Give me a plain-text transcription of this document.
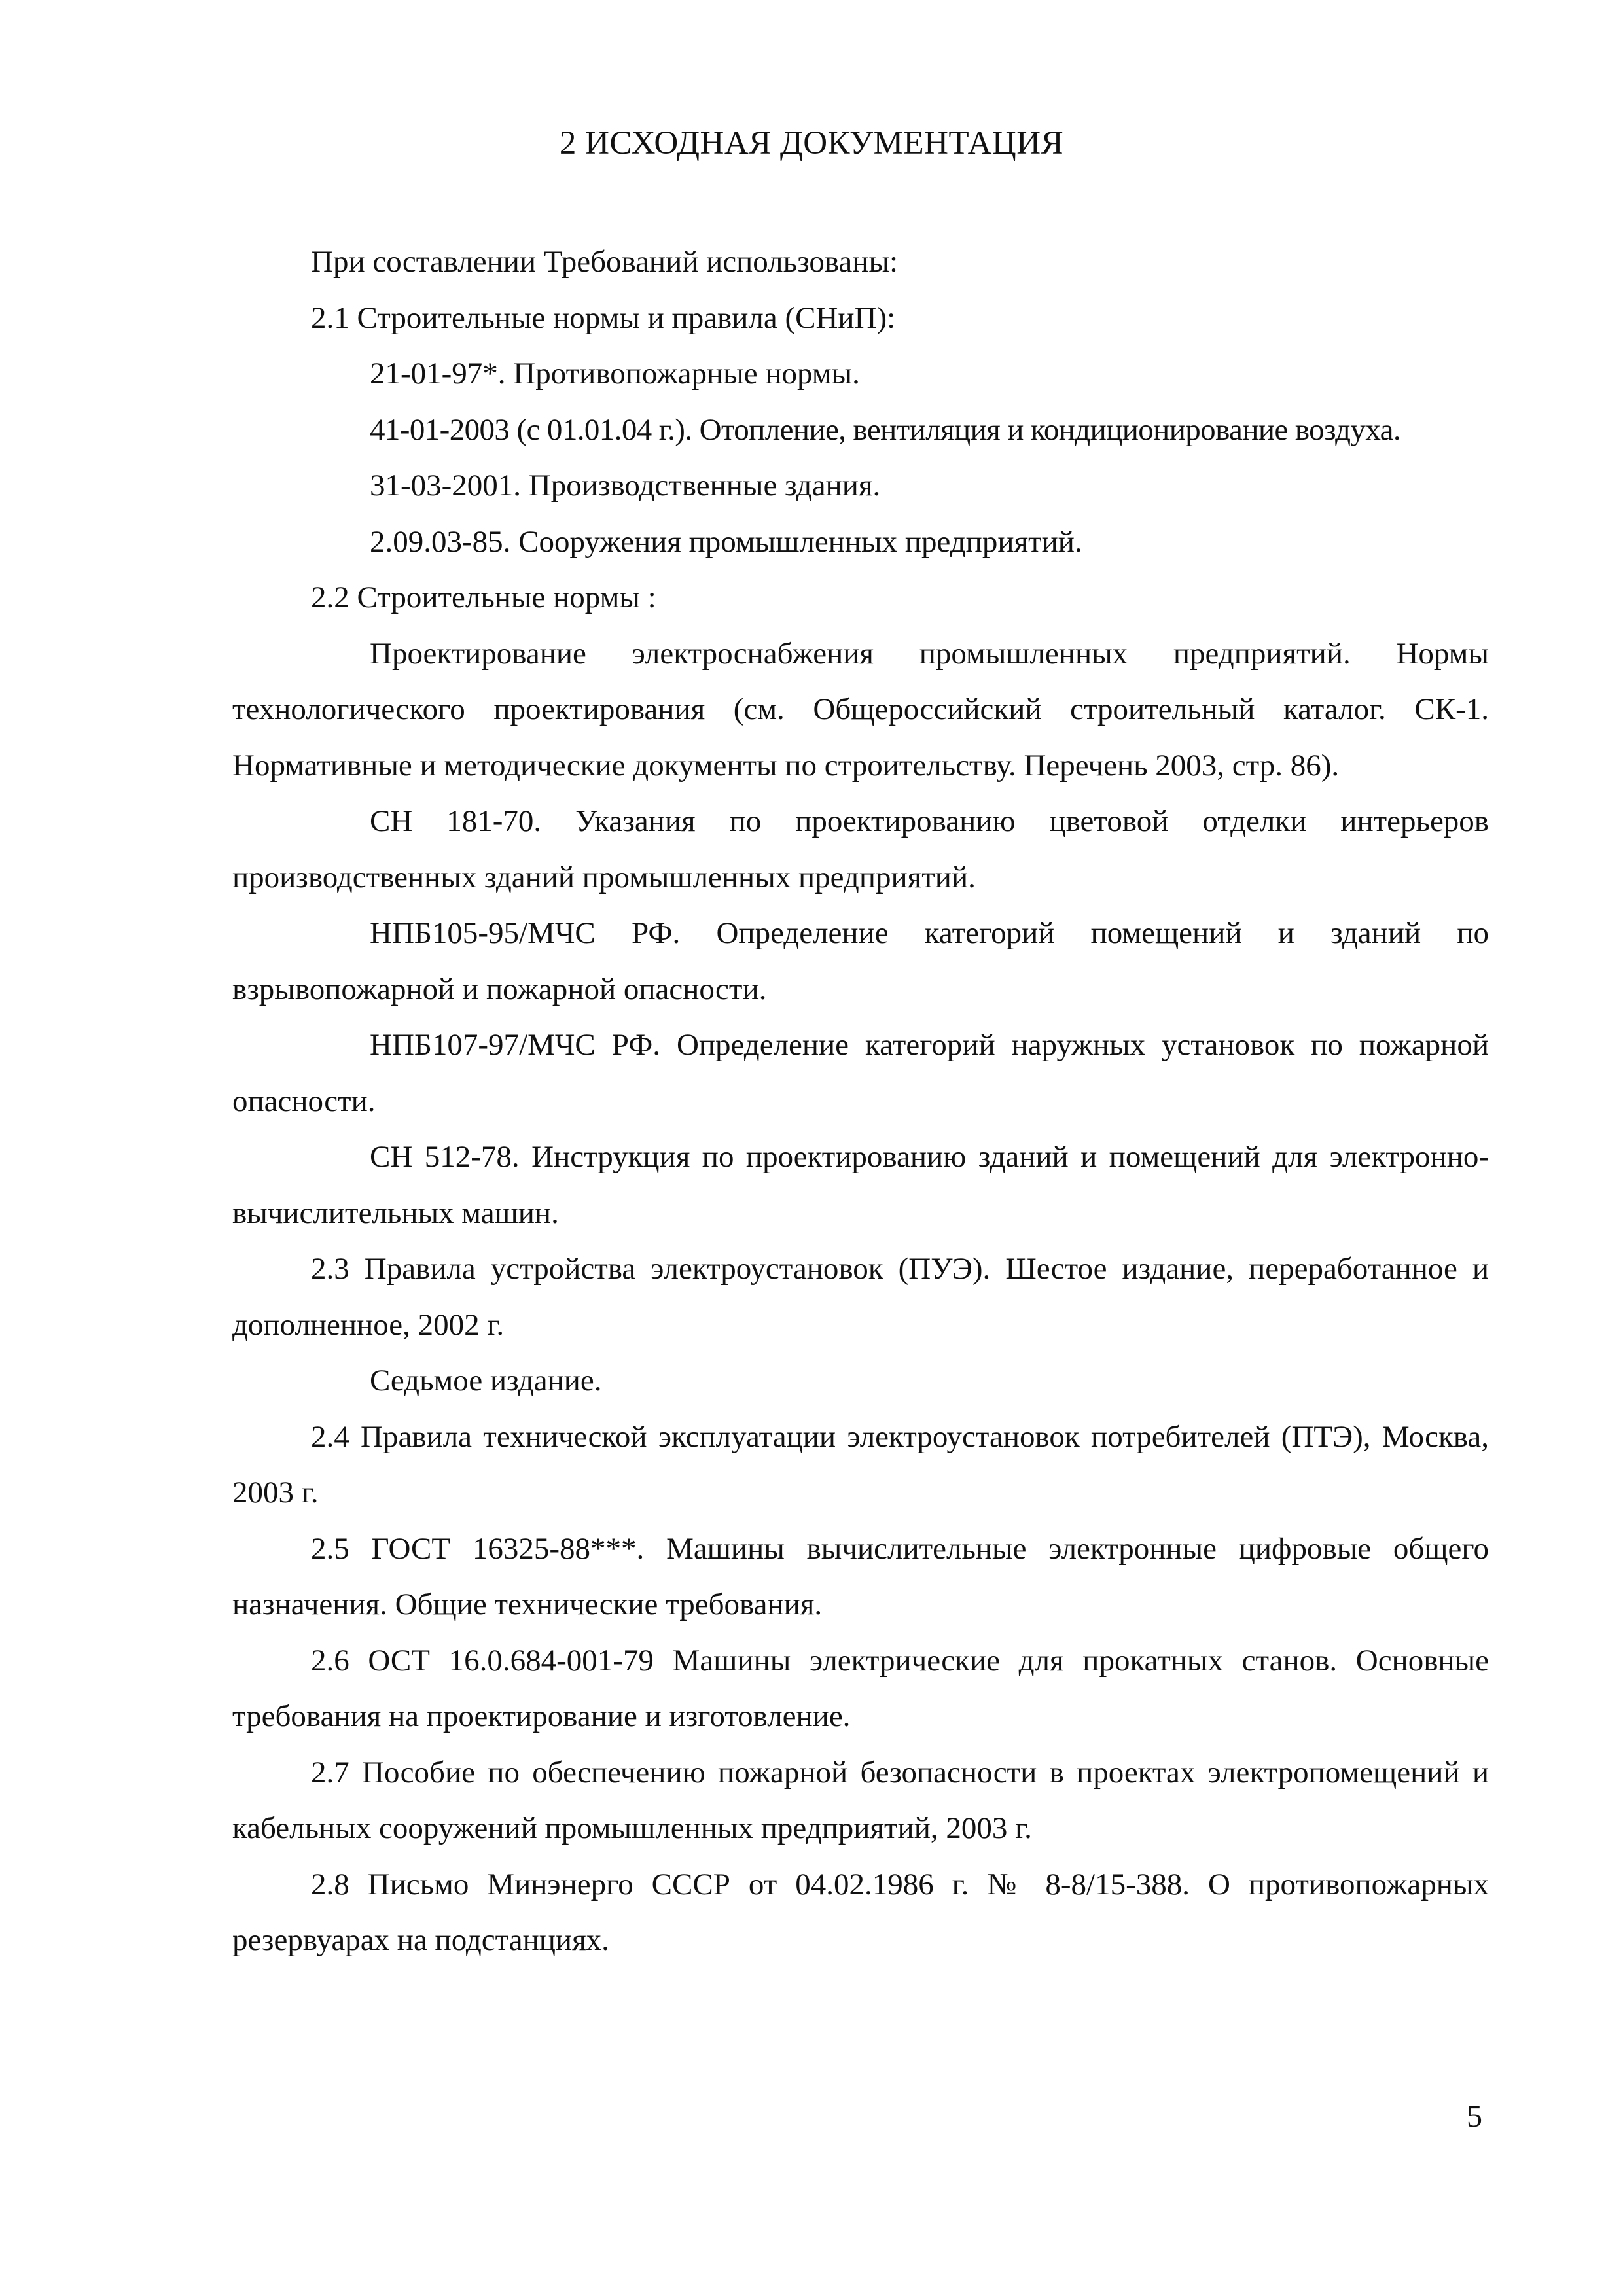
2 ИСХОДНАЯ ДОКУМЕНТАЦИЯ

При составлении Требований использованы:

2.1 Строительные нормы и правила (СНиП):

21-01-97*. Противопожарные нормы.

41-01-2003 (с 01.01.04 г.). Отопление, вентиляция и кондиционирование воздуха.

31-03-2001. Производственные здания.

2.09.03-85. Сооружения промышленных предприятий.

2.2 Строительные нормы :

Проектирование электроснабжения промышленных предприятий. Нормы технологического проектирования (см. Общероссийский строительный каталог. СК-1. Нормативные и методические документы по строительству. Перечень 2003, стр. 86).

СН 181-70. Указания по проектированию цветовой отделки интерьеров производственных зданий промышленных предприятий.

НПБ105-95/МЧС РФ. Определение категорий помещений и зданий по взрывопожарной и пожарной опасности.

НПБ107-97/МЧС РФ. Определение категорий наружных установок по пожарной опасности.

СН 512-78. Инструкция по проектированию зданий и помещений для электронно-вычислительных машин.

2.3 Правила устройства электроустановок (ПУЭ). Шестое издание, переработанное и дополненное, 2002 г.

Седьмое издание.

2.4 Правила технической эксплуатации электроустановок потребителей (ПТЭ), Москва, 2003 г.

2.5 ГОСТ 16325-88***. Машины вычислительные электронные цифровые общего назначения. Общие технические требования.

2.6 ОСТ 16.0.684-001-79 Машины электрические для прокатных станов. Основные требования на проектирование и изготовление.

2.7 Пособие по обеспечению пожарной безопасности в проектах электропомещений и кабельных сооружений промышленных предприятий, 2003 г.

2.8 Письмо Минэнерго СССР от 04.02.1986 г. № 8-8/15-388. О противопожарных резервуарах на подстанциях.

5
